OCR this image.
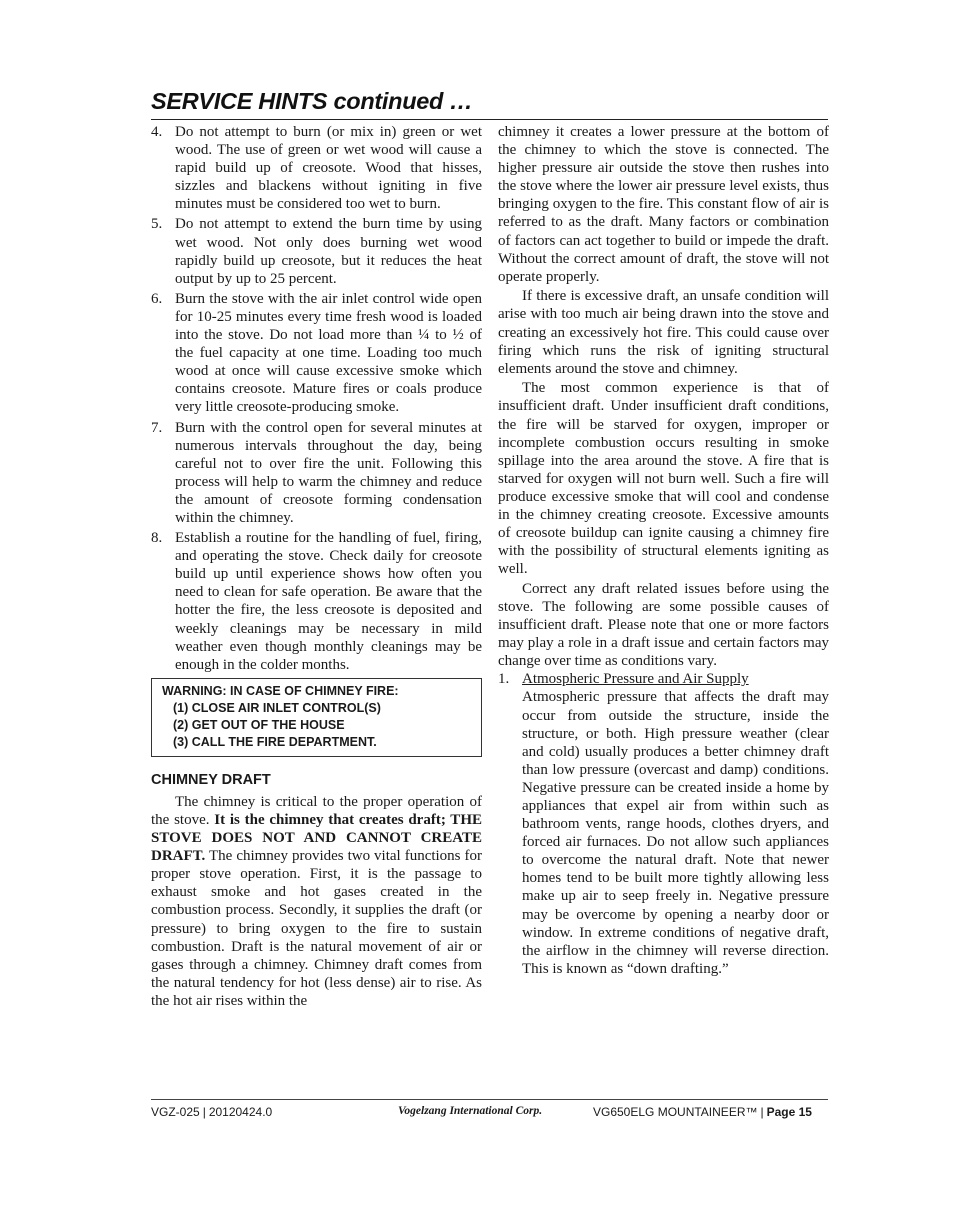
SERVICE HINTS continued …
4. Do not attempt to burn (or mix in) green or wet wood. The use of green or wet wood will cause a rapid build up of creosote. Wood that hisses, sizzles and blackens without igniting in five minutes must be considered too wet to burn.
5. Do not attempt to extend the burn time by using wet wood. Not only does burning wet wood rapidly build up creosote, but it reduces the heat output by up to 25 percent.
6. Burn the stove with the air inlet control wide open for 10-25 minutes every time fresh wood is loaded into the stove. Do not load more than ¼ to ½ of the fuel capacity at one time. Loading too much wood at once will cause excessive smoke which contains creosote. Mature fires or coals produce very little creosote-producing smoke.
7. Burn with the control open for several minutes at numerous intervals throughout the day, being careful not to over fire the unit. Following this process will help to warm the chimney and reduce the amount of creosote forming condensation within the chimney.
8. Establish a routine for the handling of fuel, firing, and operating the stove. Check daily for creosote build up until experience shows how often you need to clean for safe operation. Be aware that the hotter the fire, the less creosote is deposited and weekly cleanings may be necessary in mild weather even though monthly cleanings may be enough in the colder months.
WARNING: IN CASE OF CHIMNEY FIRE:
(1) CLOSE AIR INLET CONTROL(S)
(2) GET OUT OF THE HOUSE
(3) CALL THE FIRE DEPARTMENT.
CHIMNEY DRAFT

The chimney is critical to the proper operation of the stove. It is the chimney that creates draft; THE STOVE DOES NOT AND CANNOT CREATE DRAFT. The chimney provides two vital functions for proper stove operation. First, it is the passage to exhaust smoke and hot gases created in the combustion process. Secondly, it supplies the draft (or pressure) to bring oxygen to the fire to sustain combustion. Draft is the natural movement of air or gases through a chimney. Chimney draft comes from the natural tendency for hot (less dense) air to rise. As the hot air rises within the

chimney it creates a lower pressure at the bottom of the chimney to which the stove is connected. The higher pressure air outside the stove then rushes into the stove where the lower air pressure level exists, thus bringing oxygen to the fire. This constant flow of air is referred to as the draft. Many factors or combination of factors can act together to build or impede the draft. Without the correct amount of draft, the stove will not operate properly.

If there is excessive draft, an unsafe condition will arise with too much air being drawn into the stove and creating an excessively hot fire. This could cause over firing which runs the risk of igniting structural elements around the stove and chimney.

The most common experience is that of insufficient draft. Under insufficient draft conditions, the fire will be starved for oxygen, improper or incomplete combustion occurs resulting in smoke spillage into the area around the stove. A fire that is starved for oxygen will not burn well. Such a fire will produce excessive smoke that will cool and condense in the chimney creating creosote. Excessive amounts of creosote buildup can ignite causing a chimney fire with the possibility of structural elements igniting as well.

Correct any draft related issues before using the stove. The following are some possible causes of insufficient draft. Please note that one or more factors may play a role in a draft issue and certain factors may change over time as conditions vary.

1. Atmospheric Pressure and Air Supply
Atmospheric pressure that affects the draft may occur from outside the structure, inside the structure, or both. High pressure weather (clear and cold) usually produces a better chimney draft than low pressure (overcast and damp) conditions. Negative pressure can be created inside a home by appliances that expel air from within such as bathroom vents, range hoods, clothes dryers, and forced air furnaces. Do not allow such appliances to overcome the natural draft. Note that newer homes tend to be built more tightly allowing less make up air to seep freely in. Negative pressure may be overcome by opening a nearby door or window. In extreme conditions of negative draft, the airflow in the chimney will reverse direction. This is known as “down drafting.”
VGZ-025 | 20120424.0	Vogelzang International Corp.	VG650ELG MOUNTAINEER™ | Page 15
